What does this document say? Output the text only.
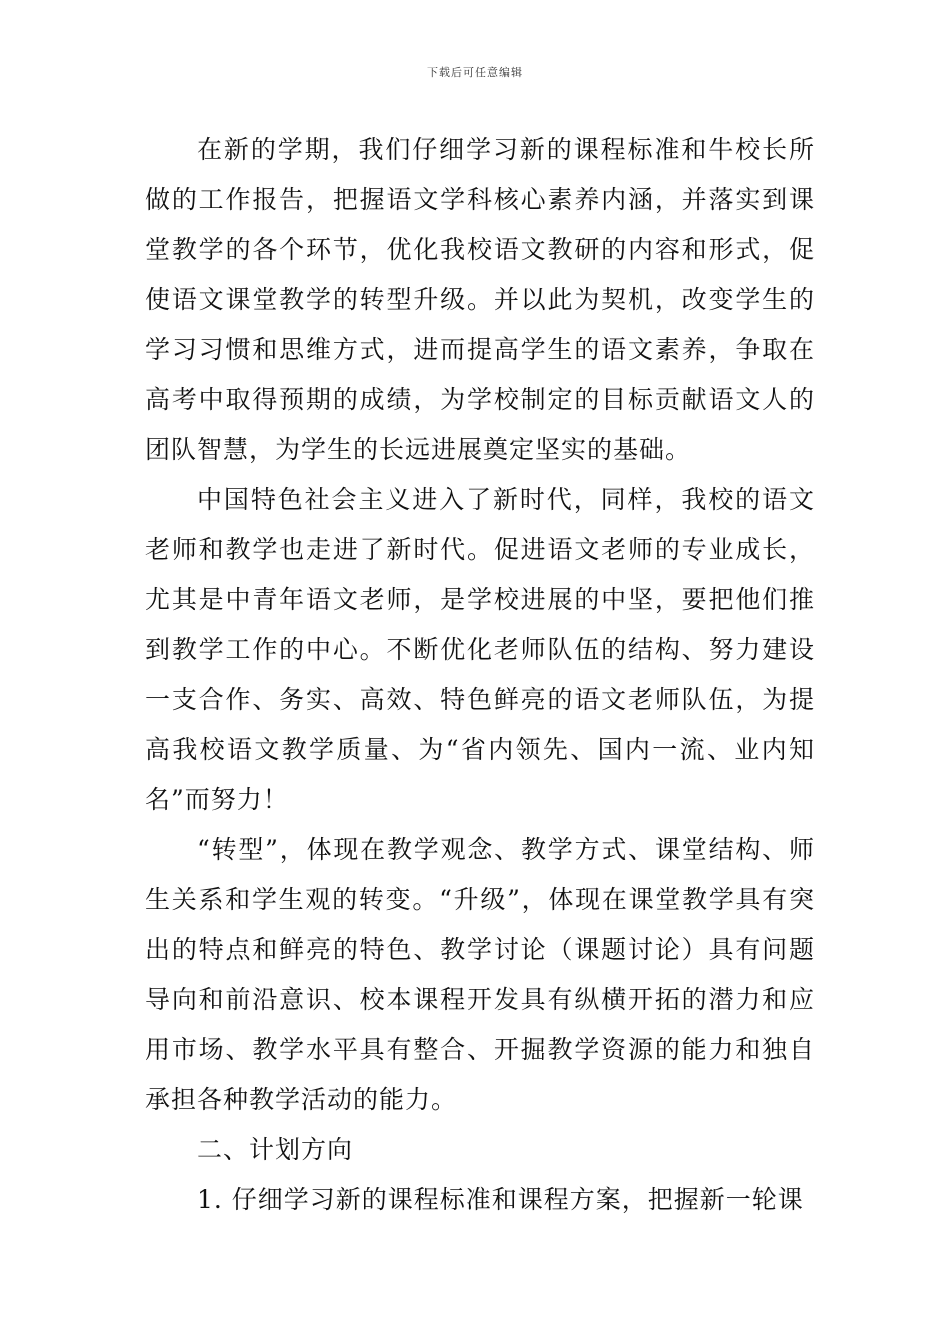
下载后可任意编辑

在新的学期，我们仔细学习新的课程标准和牛校长所做的工作报告，把握语文学科核心素养内涵，并落实到课堂教学的各个环节，优化我校语文教研的内容和形式，促使语文课堂教学的转型升级。并以此为契机，改变学生的学习习惯和思维方式，进而提高学生的语文素养，争取在高考中取得预期的成绩，为学校制定的目标贡献语文人的团队智慧，为学生的长远进展奠定坚实的基础。

中国特色社会主义进入了新时代，同样，我校的语文老师和教学也走进了新时代。促进语文老师的专业成长，尤其是中青年语文老师，是学校进展的中坚，要把他们推到教学工作的中心。不断优化老师队伍的结构、努力建设一支合作、务实、高效、特色鲜亮的语文老师队伍，为提高我校语文教学质量、为“省内领先、国内一流、业内知名”而努力！

“转型”，体现在教学观念、教学方式、课堂结构、师生关系和学生观的转变。“升级”，体现在课堂教学具有突出的特点和鲜亮的特色、教学讨论（课题讨论）具有问题导向和前沿意识、校本课程开发具有纵横开拓的潜力和应用市场、教学水平具有整合、开掘教学资源的能力和独自承担各种教学活动的能力。

二、计划方向

1. 仔细学习新的课程标准和课程方案，把握新一轮课
